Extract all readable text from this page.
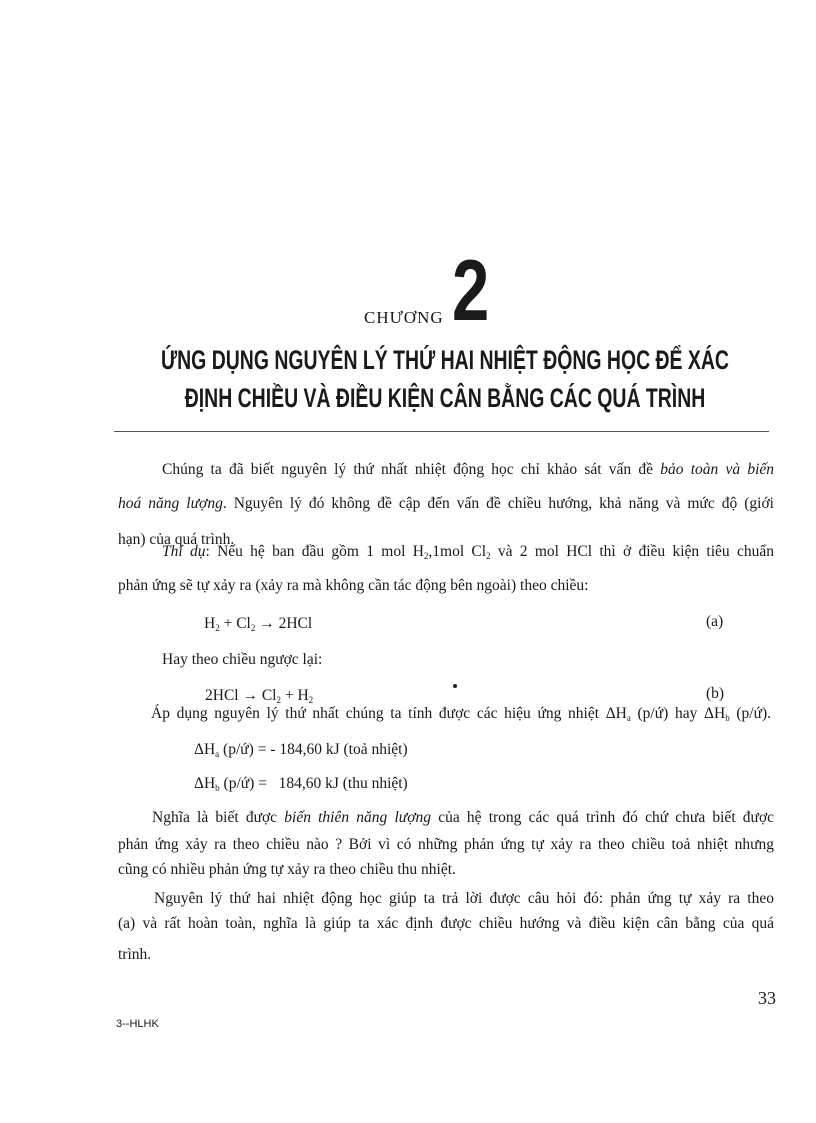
CHƯƠNG 2
ỨNG DỤNG NGUYÊN LÝ THỨ HAI NHIỆT ĐỘNG HỌC ĐỂ XÁC
ĐỊNH CHIỀU VÀ ĐIỀU KIỆN CÂN BẰNG CÁC QUÁ TRÌNH
Chúng ta đã biết nguyên lý thứ nhất nhiệt động học chỉ khảo sát vấn đề bảo toàn và biến
hoá năng lượng. Nguyên lý đó không đề cập đến vấn đề chiều hướng, khả năng và mức độ (giới
hạn) của quá trình.
Thí dụ: Nếu hệ ban đầu gồm 1 mol $H_2,1mol$ $Cl_2$ và 2 mol HCl thì ở điều kiện tiêu chuẩn
phản ứng sẽ tự xảy ra (xảy ra mà không cần tác động bên ngoài) theo chiều:
$H_2 + Cl_2 \to 2HCl$	(a)
Hay theo chiều ngược lại:
$2HCl \to Cl_2 + H_2$	(b)
Áp dụng nguyên lý thứ nhất chúng ta tính được các hiệu ứng nhiệt $\Delta H_a$ (p/ứ) hay $\Delta H_b$ (p/ứ).
$\Delta H_a$ (p/ứ) = - 184,60 kJ (toả nhiệt)
$\Delta H_b$ (p/ứ) =   184,60 kJ (thu nhiệt)
Nghĩa là biết được biến thiên năng lượng của hệ trong các quá trình đó chứ chưa biết được
phản ứng xảy ra theo chiều nào ? Bởi vì có những phản ứng tự xảy ra theo chiều toả nhiệt nhưng
cũng có nhiều phản ứng tự xảy ra theo chiều thu nhiệt.
Nguyên lý thứ hai nhiệt động học giúp ta trả lời được câu hỏi đó: phản ứng tự xảy ra theo
(a) và rất hoàn toàn, nghĩa là giúp ta xác định được chiều hướng và điều kiện cân bằng của quá
trình.
33
3--HLHK
